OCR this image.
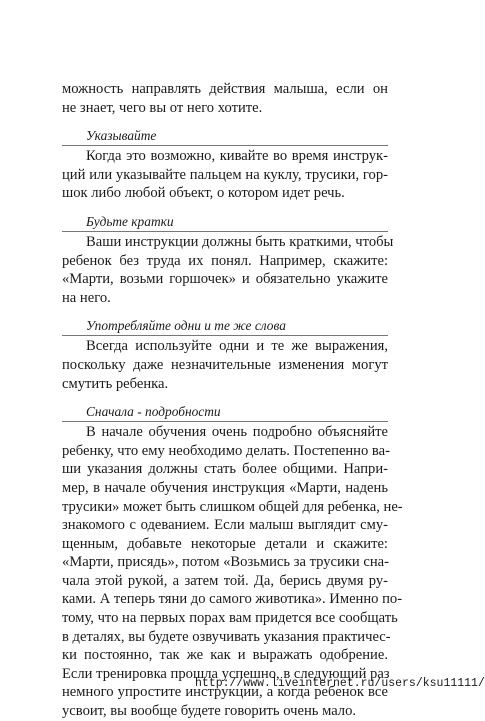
можность направлять действия малыша, если он
не знает, чего вы от него хотите.
Указывайте
Когда это возможно, кивайте во время инструк-
ций или указывайте пальцем на куклу, трусики, гор-
шок либо любой объект, о котором идет речь.
Будьте кратки
Ваши инструкции должны быть краткими, чтобы
ребенок без труда их понял. Например, скажите:
«Марти, возьми горшочек» и обязательно укажите
на него.
Употребляйте одни и те же слова
Всегда используйте одни и те же выражения,
поскольку даже незначительные изменения могут
смутить ребенка.
Сначала - подробности
В начале обучения очень подробно объясняйте
ребенку, что ему необходимо делать. Постепенно ва-
ши указания должны стать более общими. Напри-
мер, в начале обучения инструкция «Марти, надень
трусики» может быть слишком общей для ребенка, не-
знакомого с одеванием. Если малыш выглядит сму-
щенным, добавьте некоторые детали и скажите:
«Марти, присядь», потом «Возьмись за трусики сна-
чала этой рукой, а затем той. Да, берись двумя ру-
ками. А теперь тяни до самого животика». Именно по-
тому, что на первых порах вам придется все сообщать
в деталях, вы будете озвучивать указания практичес-
ки постоянно, так же как и выражать одобрение.
Если тренировка прошла успешно, в следующий раз
немного упростите инструкции, а когда ребенок все
усвоит, вы вообще будете говорить очень мало.
http://www.liveinternet.ru/users/ksu11111/
